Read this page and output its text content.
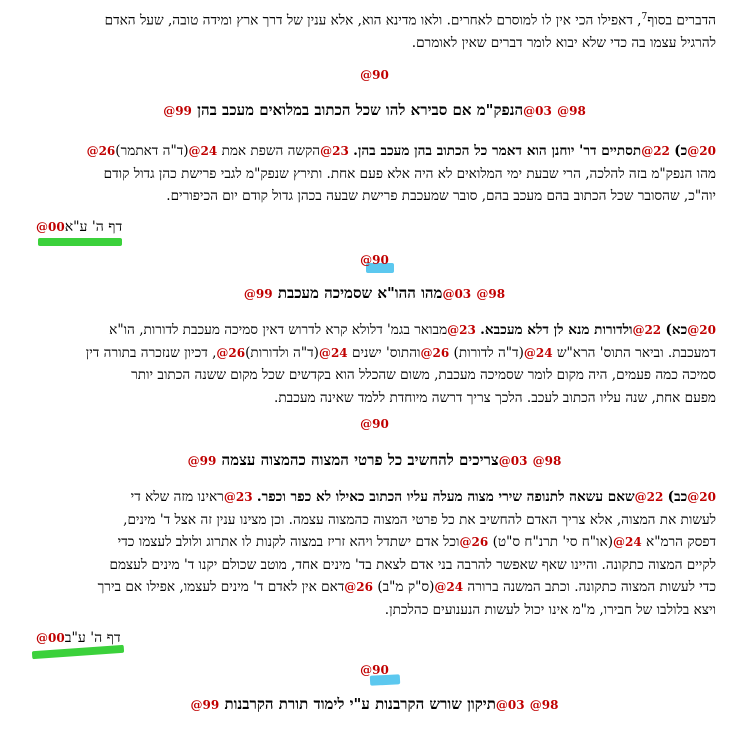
הדברים בסוף$^7$, דאפילו הכי אין לו למוסרם לאחרים. ולאו מדינא הוא, אלא ענין של דרך ארץ ומידה טובה, שעל האדם
להרגיל עצמו בה כדי שלא יבוא לומר דברים שאין לאומרם.
90@
98@ 03@הנפק"מ אם סבירא להו שכל הכתוב במלואים מעכב בהן 99@
20@כ) 22@תסתיים דר' יוחנן הוא דאמר כל הכתוב בהן מעכב בהן. 23@הקשה השפת אמת 24@(ד"ה דאתמר)26@
מהו הנפק"מ בזה להלכה, הרי שבעת ימי המלואים לא היה אלא פעם אחת. ותירץ שנפק"מ לגבי פרישת כהן גדול קודם
יוה"כ, שהסובר שכל הכתוב בהם מעכב בהם, סובר שמעכבת פרישת שבעה בכהן גדול קודם יום הכיפורים.
דף ה' ע"א00@
90@
98@ 03@מהו ההו"א שסמיכה מעכבת 99@
20@כא) 22@ולדורות מנא לן דלא מעכבא. 23@מבואר בגמ' דלולא קרא לדרוש דאין סמיכה מעכבת לדורות, הו"א
דמעכבת. וביאר התוס' הרא"ש 24@(ד"ה לדורות) 26@והתוס' ישנים 24@(ד"ה ולדורות)26@, דכיון שנזכרה בתורה דין
סמיכה כמה פעמים, היה מקום לומר שסמיכה מעכבת, משום שהכלל הוא בקדשים שכל מקום ששנה הכתוב יותר
מפעם אחת, שנה עליו הכתוב לעכב. הלכך צריך דרשה מיוחדת ללמד שאינה מעכבת.
90@
98@ 03@צריכים להחשיב כל פרטי המצוה כהמצוה עצמה 99@
20@כב) 22@שאם עשאה לתנופה שירי מצוה מעלה עליו הכתוב כאילו לא כפר וכפר. 23@ראינו מזה שלא די
לעשות את המצוה, אלא צריך האדם להחשיב את כל פרטי המצוה כהמצוה עצמה. וכן מצינו ענין זה אצל ד' מינים,
דפסק הרמ"א 24@(או"ח סי' תרנ"ח ס"ט) 26@וכל אדם ישתדל ויהא זריז במצוה לקנות לו אתרוג ולולב לעצמו כדי
לקיים המצוה כתקונה. והיינו שאף שאפשר להרבה בני אדם לצאת בד' מינים אחד, מוטב שכולם יקנו ד' מינים לעצמם
כדי לעשות המצוה כתקונה. וכתב המשנה ברורה 24@(ס"ק מ"ב) 26@דאם אין לאדם ד' מינים לעצמו, אפילו אם בירך
ויצא בלולבו של חבירו, מ"מ אינו יכול לעשות הנענועים כהלכתן.
דף ה' ע"ב00@
90@
98@ 03@תיקון שורש הקרבנות ע"י לימוד תורת הקרבנות 99@
